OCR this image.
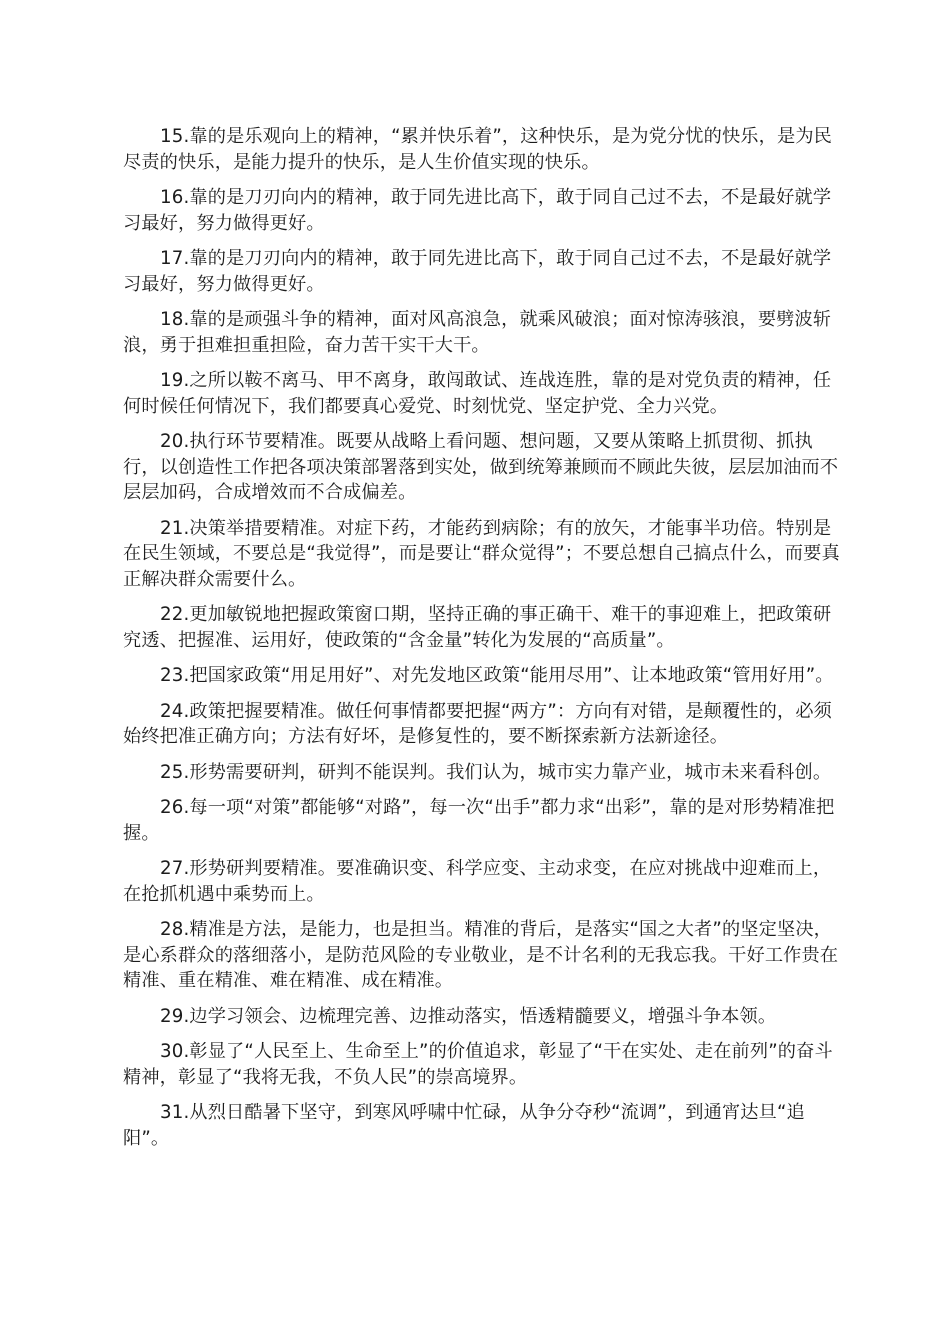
15.靠的是乐观向上的精神，“累并快乐着”，这种快乐，是为党分忧的快乐，是为民尽责的快乐，是能力提升的快乐，是人生价值实现的快乐。

16.靠的是刀刃向内的精神，敢于同先进比高下，敢于同自己过不去，不是最好就学习最好，努力做得更好。

17.靠的是刀刃向内的精神，敢于同先进比高下，敢于同自己过不去，不是最好就学习最好，努力做得更好。

18.靠的是顽强斗争的精神，面对风高浪急，就乘风破浪；面对惊涛骇浪，要劈波斩浪，勇于担难担重担险，奋力苦干实干大干。

19.之所以鞍不离马、甲不离身，敢闯敢试、连战连胜，靠的是对党负责的精神，任何时候任何情况下，我们都要真心爱党、时刻忧党、坚定护党、全力兴党。

20.执行环节要精准。既要从战略上看问题、想问题，又要从策略上抓贯彻、抓执行，以创造性工作把各项决策部署落到实处，做到统筹兼顾而不顾此失彼，层层加油而不层层加码，合成增效而不合成偏差。

21.决策举措要精准。对症下药，才能药到病除；有的放矢，才能事半功倍。特别是在民生领域，不要总是“我觉得”，而是要让“群众觉得”；不要总想自己搞点什么，而要真正解决群众需要什么。

22.更加敏锐地把握政策窗口期，坚持正确的事正确干、难干的事迎难上，把政策研究透、把握准、运用好，使政策的“含金量”转化为发展的“高质量”。

23.把国家政策“用足用好”、对先发地区政策“能用尽用”、让本地政策“管用好用”。

24.政策把握要精准。做任何事情都要把握“两方”：方向有对错，是颠覆性的，必须始终把准正确方向；方法有好坏，是修复性的，要不断探索新方法新途径。

25.形势需要研判，研判不能误判。我们认为，城市实力靠产业，城市未来看科创。

26.每一项“对策”都能够“对路”，每一次“出手”都力求“出彩”，靠的是对形势精准把握。

27.形势研判要精准。要准确识变、科学应变、主动求变，在应对挑战中迎难而上，在抢抓机遇中乘势而上。

28.精准是方法，是能力，也是担当。精准的背后，是落实“国之大者”的坚定坚决，是心系群众的落细落小，是防范风险的专业敬业，是不计名利的无我忘我。干好工作贵在精准、重在精准、难在精准、成在精准。

29.边学习领会、边梳理完善、边推动落实，悟透精髓要义，增强斗争本领。

30.彰显了“人民至上、生命至上”的价值追求，彰显了“干在实处、走在前列”的奋斗精神，彰显了“我将无我，不负人民”的崇高境界。

31.从烈日酷暑下坚守，到寒风呼啸中忙碌，从争分夺秒“流调”，到通宵达旦“追阳”。
